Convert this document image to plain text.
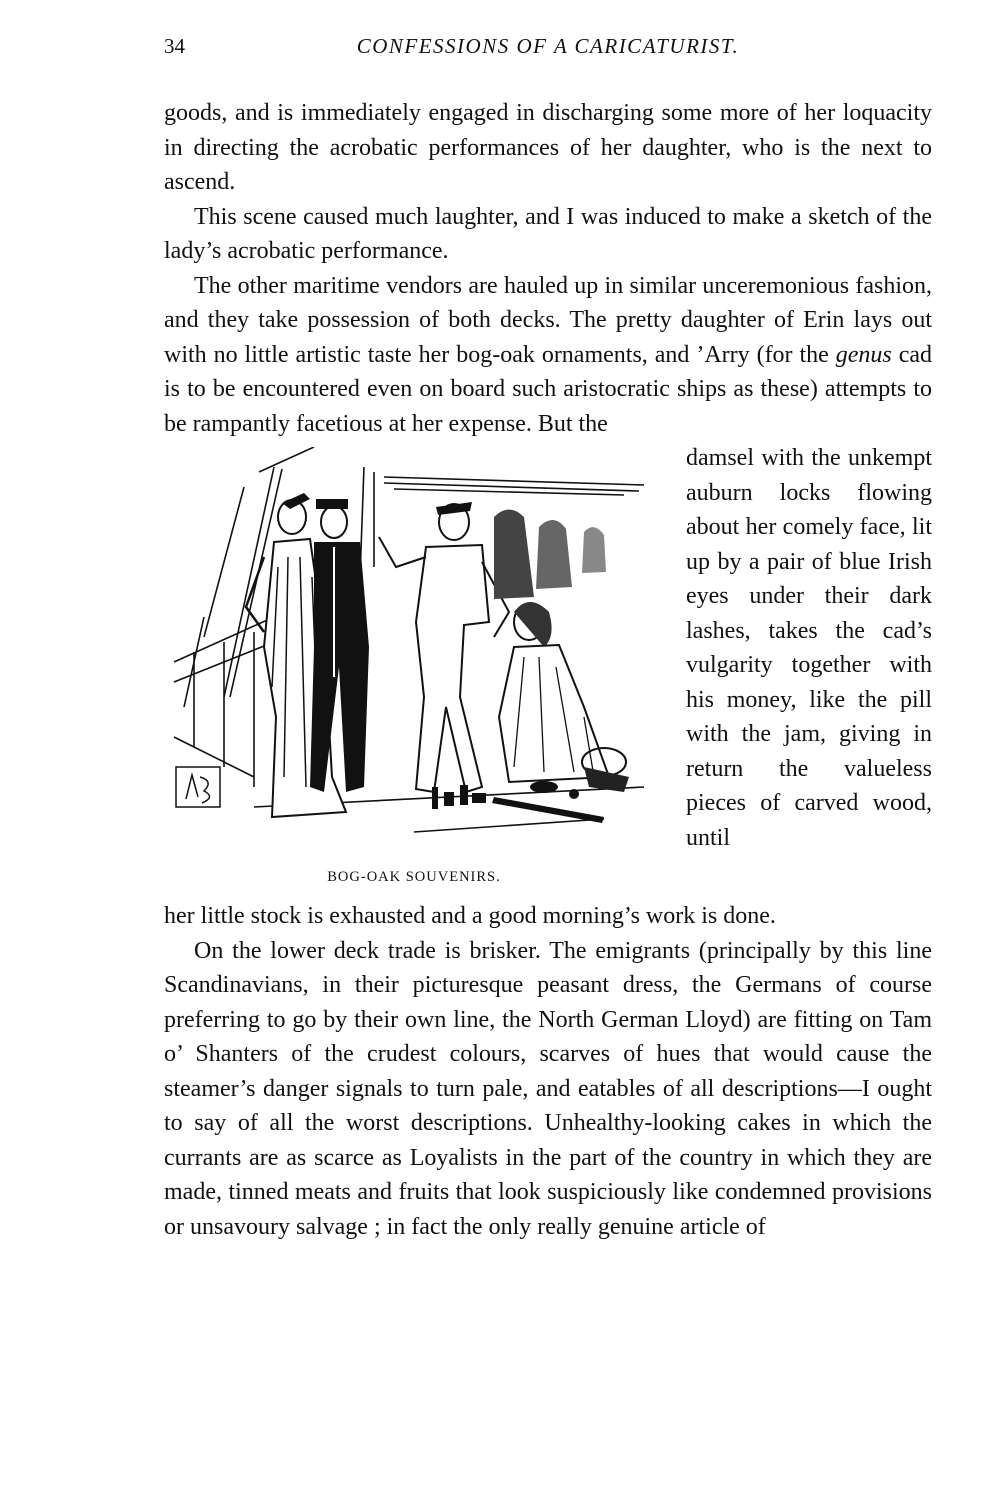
34	CONFESSIONS OF A CARICATURIST.

goods, and is immediately engaged in discharging some more of her loquacity in directing the acrobatic performances of her daughter, who is the next to ascend.

This scene caused much laughter, and I was induced to make a sketch of the lady’s acrobatic performance.

The other maritime vendors are hauled up in similar unceremonious fashion, and they take possession of both decks. The pretty daughter of Erin lays out with no little artistic taste her bog-oak ornaments, and ’Arry (for the genus cad is to be encountered even on board such aristocratic ships as these) attempts to be rampantly facetious at her expense. But the

BOG-OAK SOUVENIRS.

damsel with the unkempt auburn locks flowing about her comely face, lit up by a pair of blue Irish eyes under their dark lashes, takes the cad’s vulgarity together with his money, like the pill with the jam, giving in return the valueless pieces of carved wood, until

her little stock is exhausted and a good morning’s work is done.

On the lower deck trade is brisker. The emigrants (principally by this line Scandinavians, in their picturesque peasant dress, the Germans of course preferring to go by their own line, the North German Lloyd) are fitting on Tam o’ Shanters of the crudest colours, scarves of hues that would cause the steamer’s danger signals to turn pale, and eatables of all descriptions—I ought to say of all the worst descriptions. Unhealthy-looking cakes in which the currants are as scarce as Loyalists in the part of the country in which they are made, tinned meats and fruits that look suspiciously like condemned provisions or unsavoury salvage ; in fact the only really genuine article of
